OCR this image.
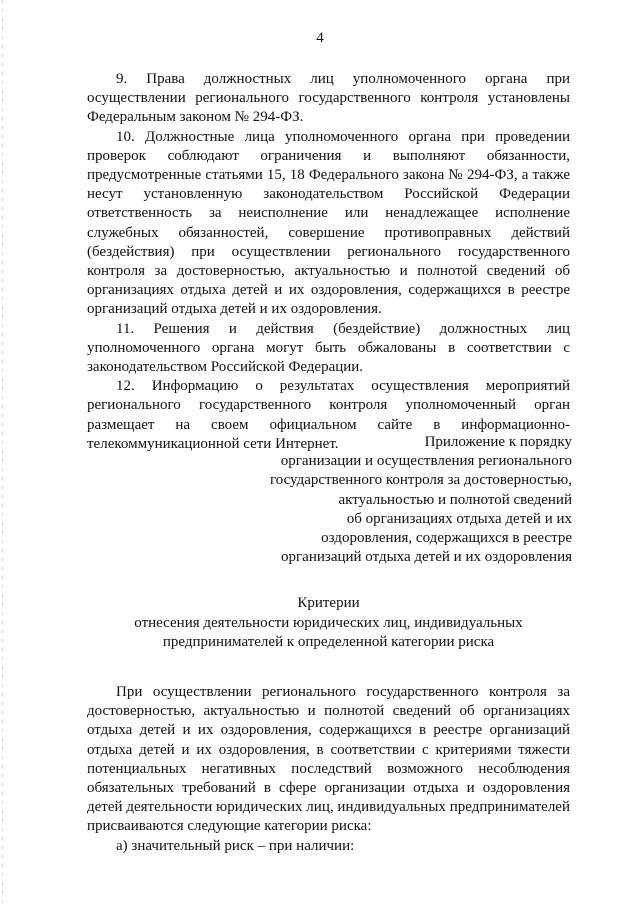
4

9. Права должностных лиц уполномоченного органа при осуществлении регионального государственного контроля установлены Федеральным законом № 294-ФЗ.

10. Должностные лица уполномоченного органа при проведении проверок соблюдают ограничения и выполняют обязанности, предусмотренные статьями 15, 18 Федерального закона № 294-ФЗ, а также несут установленную законодательством Российской Федерации ответственность за неисполнение или ненадлежащее исполнение служебных обязанностей, совершение противоправных действий (бездействия) при осуществлении регионального государственного контроля за достоверностью, актуальностью и полнотой сведений об организациях отдыха детей и их оздоровления, содержащихся в реестре организаций отдыха детей и их оздоровления.

11. Решения и действия (бездействие) должностных лиц уполномоченного органа могут быть обжалованы в соответствии с законодательством Российской Федерации.

12. Информацию о результатах осуществления мероприятий регионального государственного контроля уполномоченный орган размещает на своем официальном сайте в информационно-телекоммуникационной сети Интернет.	Приложение к порядку
организации и осуществления регионального
государственного контроля за достоверностью,
актуальностью и полнотой сведений
об организациях отдыха детей и их
оздоровления, содержащихся в реестре
организаций отдыха детей и их оздоровления
Критерии
отнесения деятельности юридических лиц, индивидуальных
предпринимателей к определенной категории риска

При осуществлении регионального государственного контроля за достоверностью, актуальностью и полнотой сведений об организациях отдыха детей и их оздоровления, содержащихся в реестре организаций отдыха детей и их оздоровления, в соответствии с критериями тяжести потенциальных негативных последствий возможного несоблюдения обязательных требований в сфере организации отдыха и оздоровления детей деятельности юридических лиц, индивидуальных предпринимателей присваиваются следующие категории риска:

а) значительный риск – при наличии:
